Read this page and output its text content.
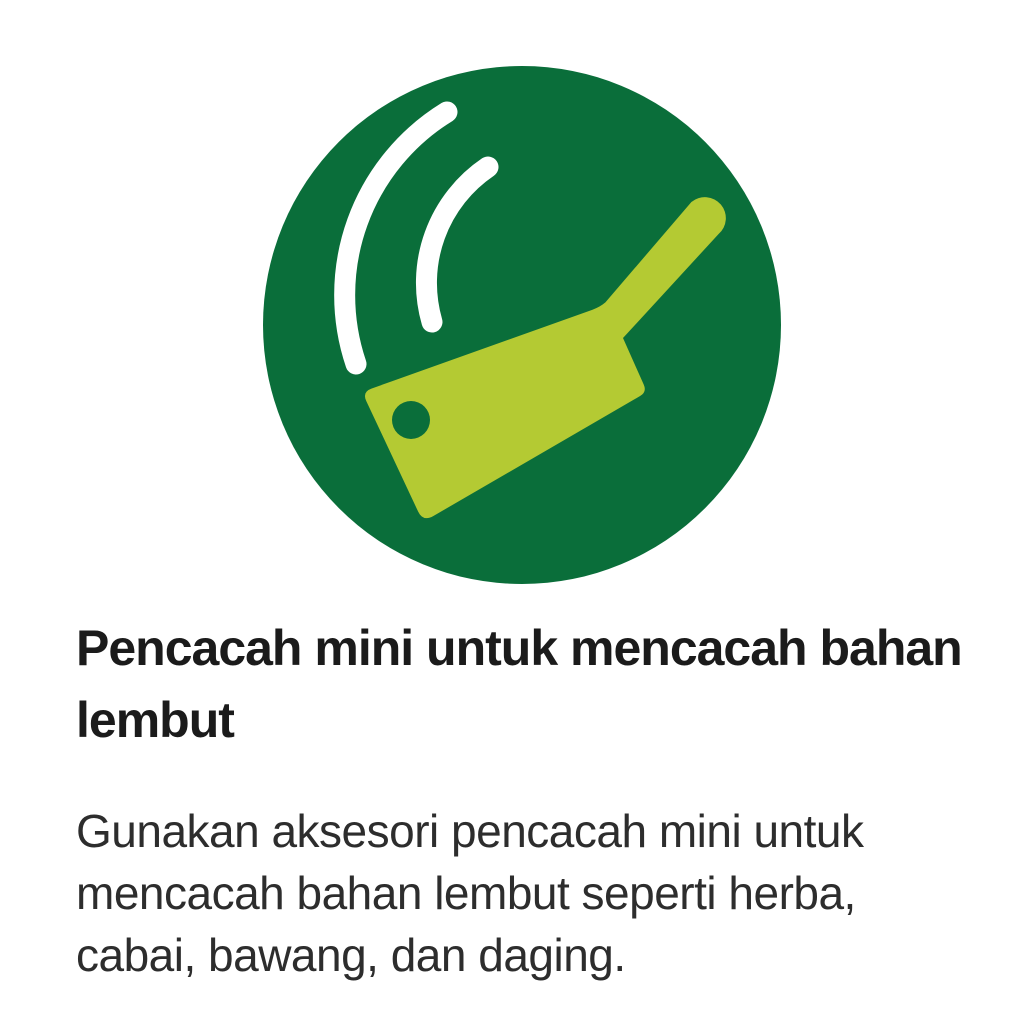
Pencacah mini untuk mencacah bahan
lembut
Gunakan aksesori pencacah mini untuk
mencacah bahan lembut seperti herba,
cabai, bawang, dan daging.
